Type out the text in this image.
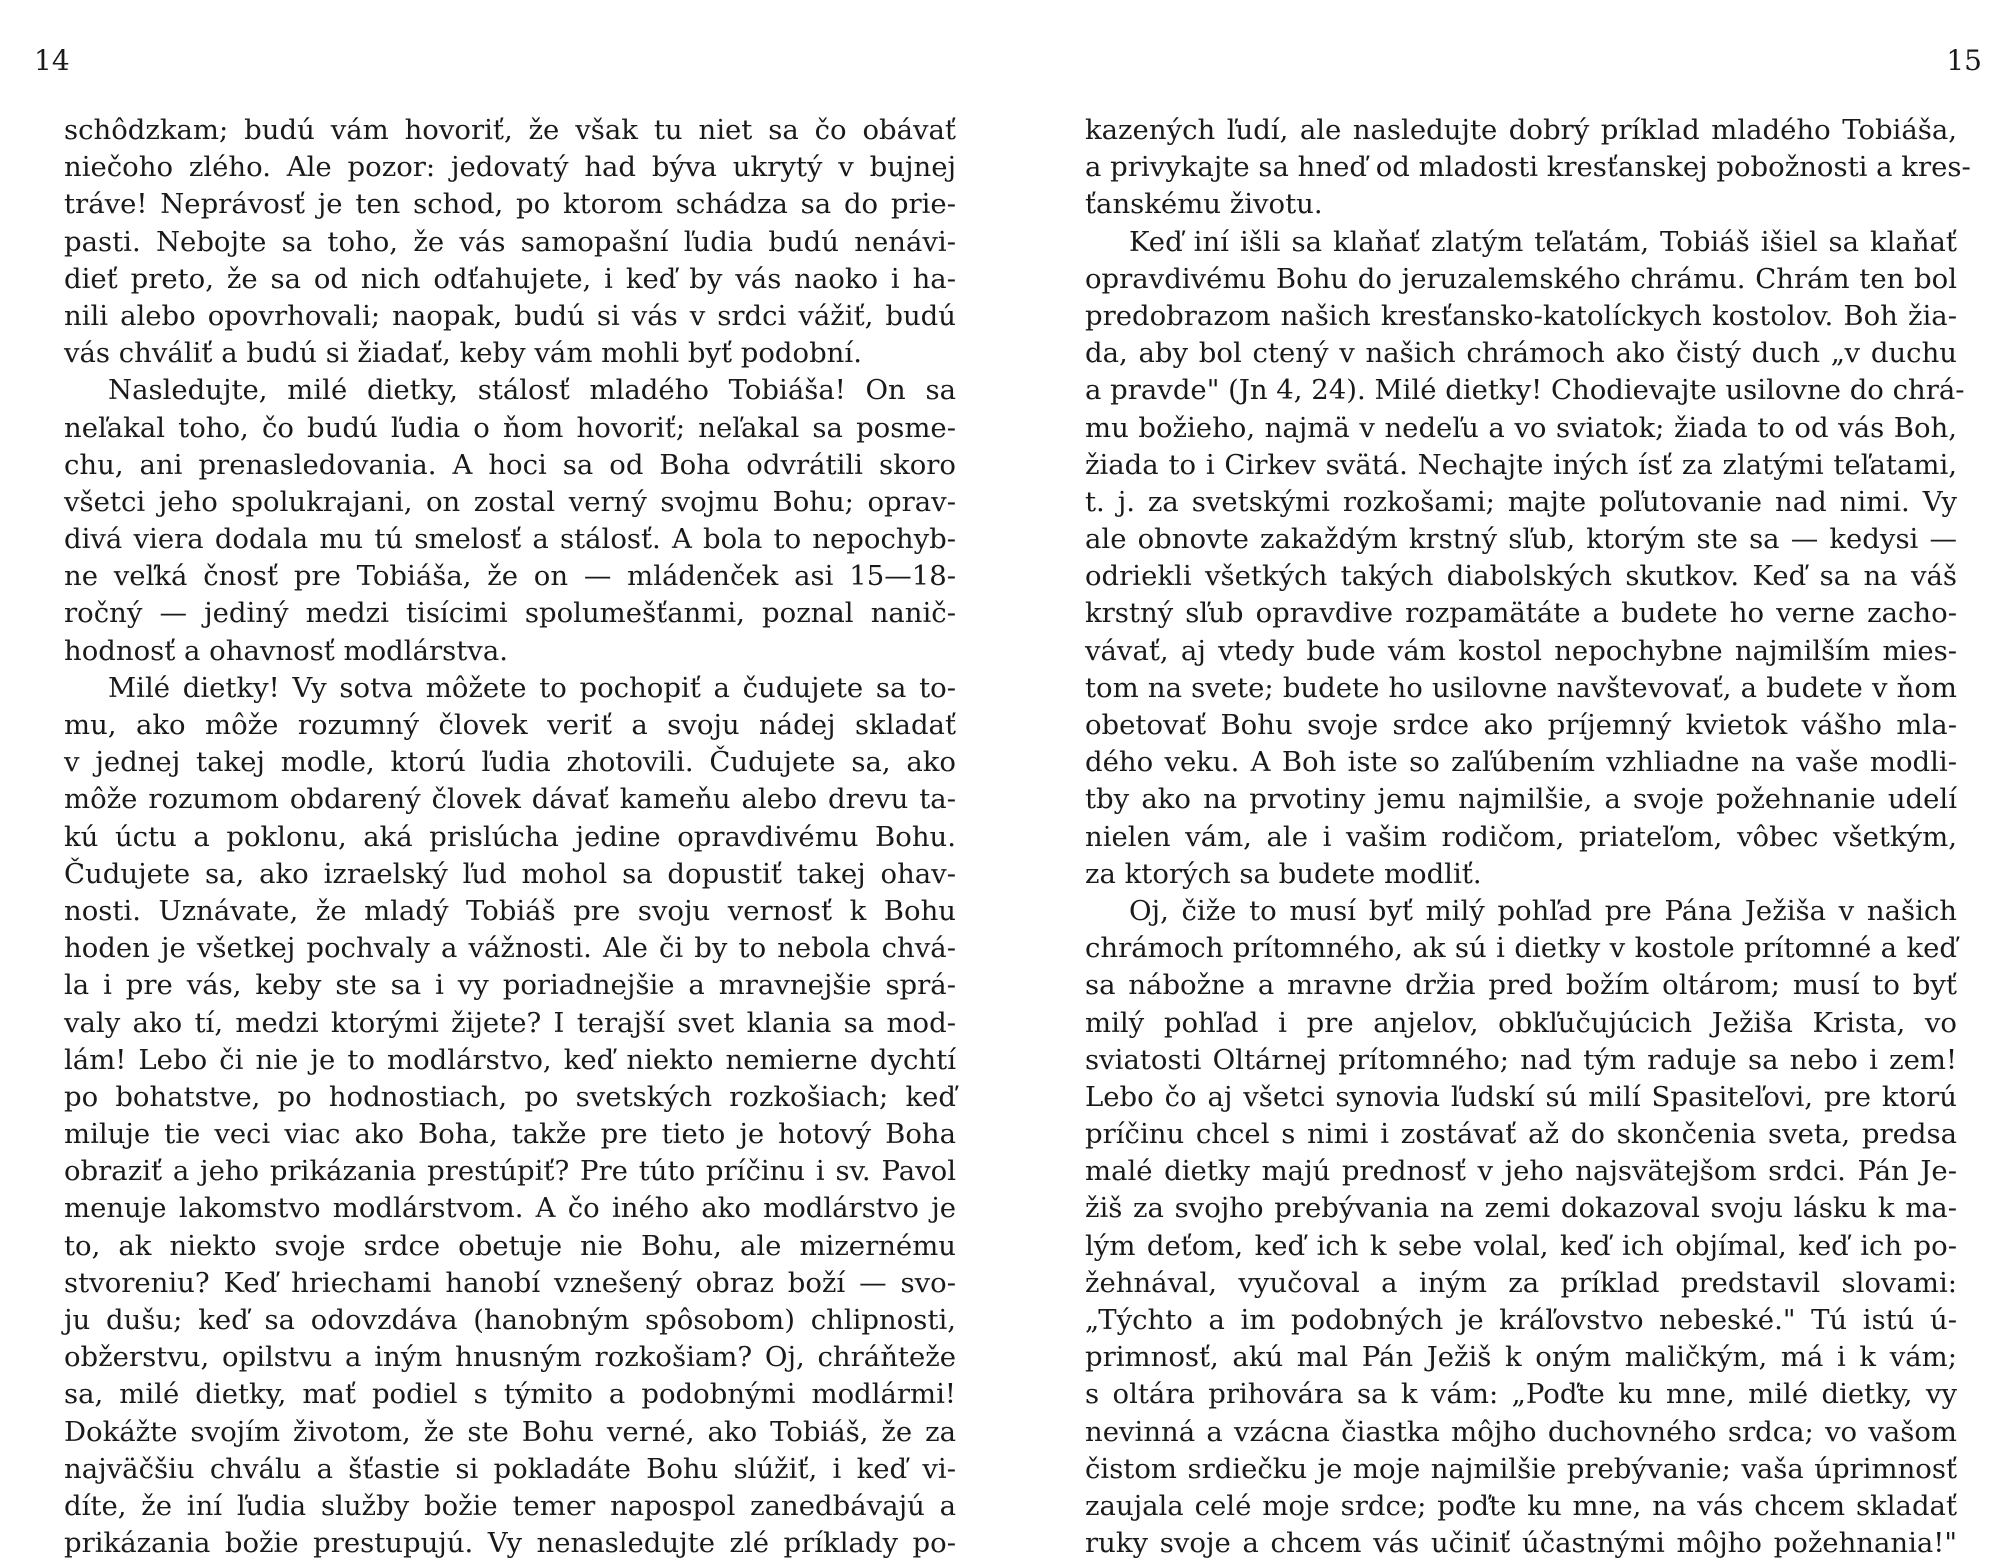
14
schôdzkam; budú vám hovoriť, že však tu niet sa čo obávať
niečoho zlého. Ale pozor: jedovatý had býva ukrytý v bujnej
tráve! Neprávosť je ten schod, po ktorom schádza sa do prie-
pasti. Nebojte sa toho, že vás samopašní ľudia budú nenávi-
dieť preto, že sa od nich odťahujete, i keď by vás naoko i ha-
nili alebo opovrhovali; naopak, budú si vás v srdci vážiť, budú
vás chváliť a budú si žiadať, keby vám mohli byť podobní.
Nasledujte, milé dietky, stálosť mladého Tobiáša! On sa
neľakal toho, čo budú ľudia o ňom hovoriť; neľakal sa posme-
chu, ani prenasledovania. A hoci sa od Boha odvrátili skoro
všetci jeho spolukrajani, on zostal verný svojmu Bohu; oprav-
divá viera dodala mu tú smelosť a stálosť. A bola to nepochyb-
ne veľká čnosť pre Tobiáša, že on — mládenček asi 15—18-
ročný — jediný medzi tisícimi spolumešťanmi, poznal nanič-
hodnosť a ohavnosť modlárstva.
Milé dietky! Vy sotva môžete to pochopiť a čudujete sa to-
mu, ako môže rozumný človek veriť a svoju nádej skladať
v jednej takej modle, ktorú ľudia zhotovili. Čudujete sa, ako
môže rozumom obdarený človek dávať kameňu alebo drevu ta-
kú úctu a poklonu, aká prislúcha jedine opravdivému Bohu.
Čudujete sa, ako izraelský ľud mohol sa dopustiť takej ohav-
nosti. Uznávate, že mladý Tobiáš pre svoju vernosť k Bohu
hoden je všetkej pochvaly a vážnosti. Ale či by to nebola chvá-
la i pre vás, keby ste sa i vy poriadnejšie a mravnejšie sprá-
valy ako tí, medzi ktorými žijete? I terajší svet klania sa mod-
lám! Lebo či nie je to modlárstvo, keď niekto nemierne dychtí
po bohatstve, po hodnostiach, po svetských rozkošiach; keď
miluje tie veci viac ako Boha, takže pre tieto je hotový Boha
obraziť a jeho prikázania prestúpiť? Pre túto príčinu i sv. Pavol
menuje lakomstvo modlárstvom. A čo iného ako modlárstvo je
to, ak niekto svoje srdce obetuje nie Bohu, ale mizernému
stvoreniu? Keď hriechami hanobí vznešený obraz boží — svo-
ju dušu; keď sa odovzdáva (hanobným spôsobom) chlipnosti,
obžerstvu, opilstvu a iným hnusným rozkošiam? Oj, chráňteže
sa, milé dietky, mať podiel s týmito a podobnými modlármi!
Dokážte svojím životom, že ste Bohu verné, ako Tobiáš, že za
najväčšiu chválu a šťastie si pokladáte Bohu slúžiť, i keď vi-
díte, že iní ľudia služby božie temer napospol zanedbávajú a
prikázania božie prestupujú. Vy nenasledujte zlé príklady po-
15
kazených ľudí, ale nasledujte dobrý príklad mladého Tobiáša,
a privykajte sa hneď od mladosti kresťanskej pobožnosti a kres-
ťanskému životu.
Keď iní išli sa klaňať zlatým teľatám, Tobiáš išiel sa klaňať
opravdivému Bohu do jeruzalemského chrámu. Chrám ten bol
predobrazom našich kresťansko-katolíckych kostolov. Boh žia-
da, aby bol ctený v našich chrámoch ako čistý duch „v duchu
a pravde" (Jn 4, 24). Milé dietky! Chodievajte usilovne do chrá-
mu božieho, najmä v nedeľu a vo sviatok; žiada to od vás Boh,
žiada to i Cirkev svätá. Nechajte iných ísť za zlatými teľatami,
t. j. za svetskými rozkošami; majte poľutovanie nad nimi. Vy
ale obnovte zakaždým krstný sľub, ktorým ste sa — kedysi —
odriekli všetkých takých diabolských skutkov. Keď sa na váš
krstný sľub opravdive rozpamätáte a budete ho verne zacho-
vávať, aj vtedy bude vám kostol nepochybne najmilším mies-
tom na svete; budete ho usilovne navštevovať, a budete v ňom
obetovať Bohu svoje srdce ako príjemný kvietok vášho mla-
dého veku. A Boh iste so zaľúbením vzhliadne na vaše modli-
tby ako na prvotiny jemu najmilšie, a svoje požehnanie udelí
nielen vám, ale i vašim rodičom, priateľom, vôbec všetkým,
za ktorých sa budete modliť.
Oj, čiže to musí byť milý pohľad pre Pána Ježiša v našich
chrámoch prítomného, ak sú i dietky v kostole prítomné a keď
sa nábožne a mravne držia pred božím oltárom; musí to byť
milý pohľad i pre anjelov, obkľučujúcich Ježiša Krista, vo
sviatosti Oltárnej prítomného; nad tým raduje sa nebo i zem!
Lebo čo aj všetci synovia ľudskí sú milí Spasiteľovi, pre ktorú
príčinu chcel s nimi i zostávať až do skončenia sveta, predsa
malé dietky majú prednosť v jeho najsvätejšom srdci. Pán Je-
žiš za svojho prebývania na zemi dokazoval svoju lásku k ma-
lým deťom, keď ich k sebe volal, keď ich objímal, keď ich po-
žehnával, vyučoval a iným za príklad predstavil slovami:
„Týchto a im podobných je kráľovstvo nebeské." Tú istú ú-
primnosť, akú mal Pán Ježiš k oným maličkým, má i k vám;
s oltára prihovára sa k vám: „Poďte ku mne, milé dietky, vy
nevinná a vzácna čiastka môjho duchovného srdca; vo vašom
čistom srdiečku je moje najmilšie prebývanie; vaša úprimnosť
zaujala celé moje srdce; poďte ku mne, na vás chcem skladať
ruky svoje a chcem vás učiniť účastnými môjho požehnania!"
